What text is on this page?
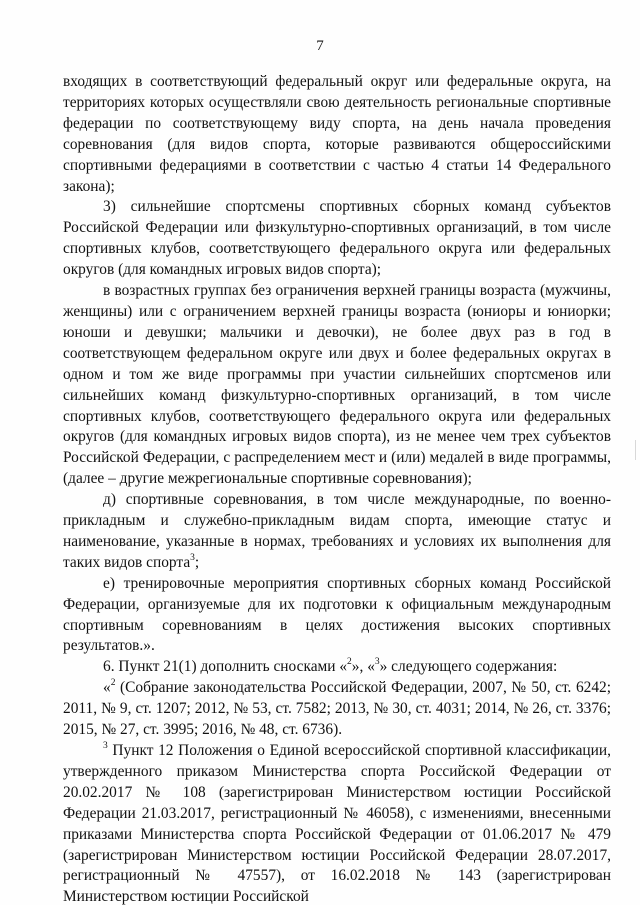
7

входящих в соответствующий федеральный округ или федеральные округа, на территориях которых осуществляли свою деятельность региональные спортивные федерации по соответствующему виду спорта, на день начала проведения соревнования (для видов спорта, которые развиваются общероссийскими спортивными федерациями в соответствии с частью 4 статьи 14 Федерального закона);

3) сильнейшие спортсмены спортивных сборных команд субъектов Российской Федерации или физкультурно-спортивных организаций, в том числе спортивных клубов, соответствующего федерального округа или федеральных округов (для командных игровых видов спорта);

в возрастных группах без ограничения верхней границы возраста (мужчины, женщины) или с ограничением верхней границы возраста (юниоры и юниорки; юноши и девушки; мальчики и девочки), не более двух раз в год в соответствующем федеральном округе или двух и более федеральных округах в одном и том же виде программы при участии сильнейших спортсменов или сильнейших команд физкультурно-спортивных организаций, в том числе спортивных клубов, соответствующего федерального округа или федеральных округов (для командных игровых видов спорта), из не менее чем трех субъектов Российской Федерации, с распределением мест и (или) медалей в виде программы, (далее – другие межрегиональные спортивные соревнования);

д) спортивные соревнования, в том числе международные, по военно-прикладным и служебно-прикладным видам спорта, имеющие статус и наименование, указанные в нормах, требованиях и условиях их выполнения для таких видов спорта$^3$;

е) тренировочные мероприятия спортивных сборных команд Российской Федерации, организуемые для их подготовки к официальным международным спортивным соревнованиям в целях достижения высоких спортивных результатов.».

6. Пункт 21(1) дополнить сносками «$^2$», «$^3$» следующего содержания:

«$^2$ (Собрание законодательства Российской Федерации, 2007, № 50, ст. 6242; 2011, № 9, ст. 1207; 2012, № 53, ст. 7582; 2013, № 30, ст. 4031; 2014, № 26, ст. 3376; 2015, № 27, ст. 3995; 2016, № 48, ст. 6736).

$^3$ Пункт 12 Положения о Единой всероссийской спортивной классификации, утвержденного приказом Министерства спорта Российской Федерации от 20.02.2017 № 108 (зарегистрирован Министерством юстиции Российской Федерации 21.03.2017, регистрационный № 46058), с изменениями, внесенными приказами Министерства спорта Российской Федерации от 01.06.2017 № 479 (зарегистрирован Министерством юстиции Российской Федерации 28.07.2017, регистрационный № 47557), от 16.02.2018 № 143 (зарегистрирован Министерством юстиции Российской
